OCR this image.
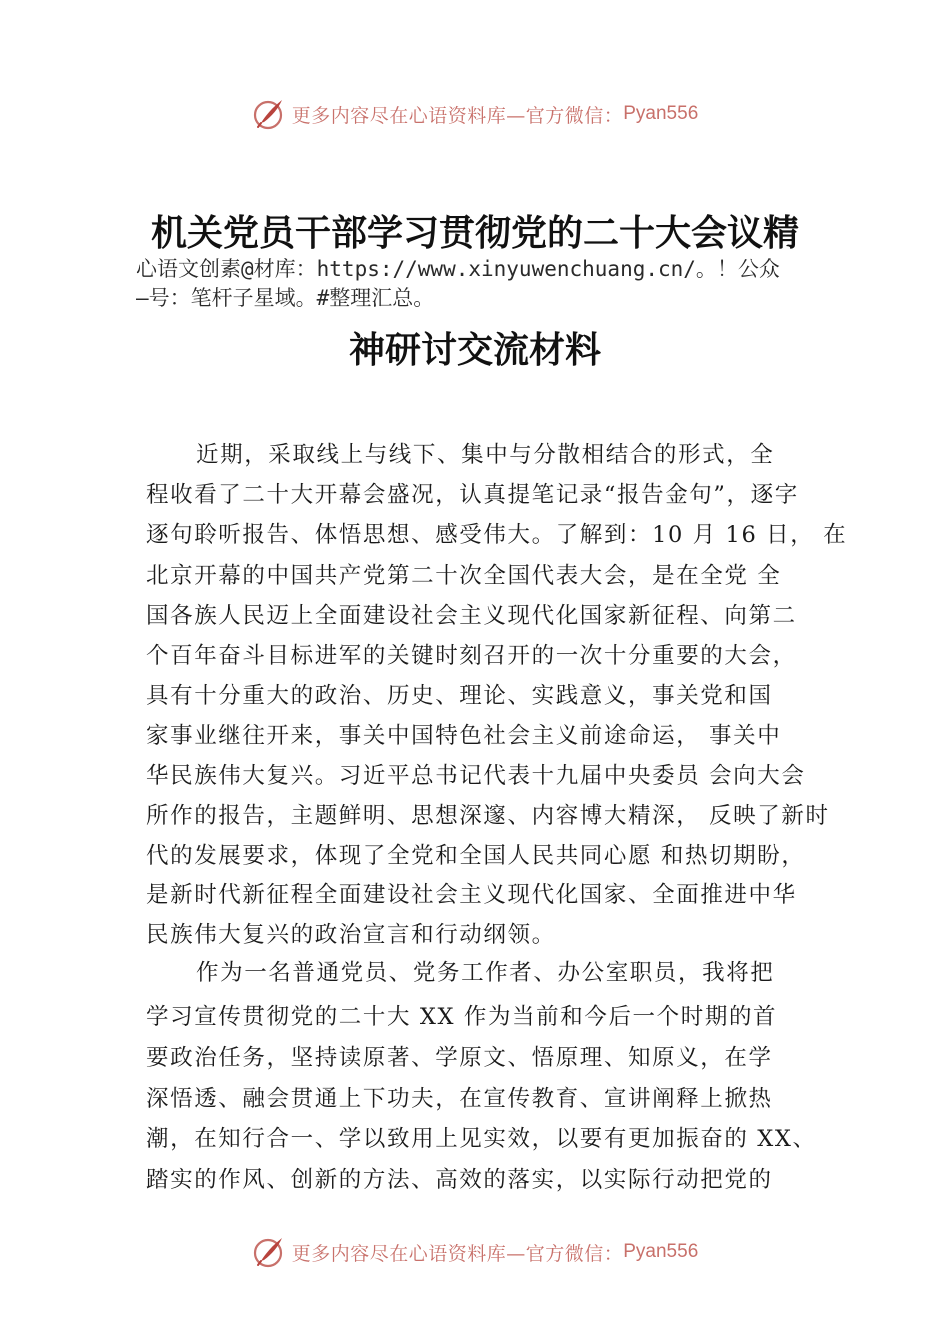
更多内容尽在心语资料库—官方微信： Pyan556
机关党员干部学习贯彻党的二十大会议精
心语文创素@材库：https://www.xinyuwenchuang.cn/。！公众
—号：笔杆子星域。#整理汇总。
神研讨交流材料
近期，采取线上与线下、集中与分散相结合的形式，全
程收看了二十大开幕会盛况，认真提笔记录“报告金句”，逐字
逐句聆听报告、体悟思想、感受伟大。了解到：10 月 16 日， 在
北京开幕的中国共产党第二十次全国代表大会，是在全党 全
国各族人民迈上全面建设社会主义现代化国家新征程、向第二
个百年奋斗目标进军的关键时刻召开的一次十分重要的大会，
具有十分重大的政治、历史、理论、实践意义，事关党和国
家事业继往开来，事关中国特色社会主义前途命运， 事关中
华民族伟大复兴。习近平总书记代表十九届中央委员 会向大会
所作的报告，主题鲜明、思想深邃、内容博大精深， 反映了新时
代的发展要求，体现了全党和全国人民共同心愿 和热切期盼，
是新时代新征程全面建设社会主义现代化国家、全面推进中华
民族伟大复兴的政治宣言和行动纲领。
作为一名普通党员、党务工作者、办公室职员，我将把
学习宣传贯彻党的二十大 XX 作为当前和今后一个时期的首
要政治任务，坚持读原著、学原文、悟原理、知原义，在学
深悟透、融会贯通上下功夫，在宣传教育、宣讲阐释上掀热
潮，在知行合一、学以致用上见实效，以要有更加振奋的 XX、
踏实的作风、创新的方法、高效的落实，以实际行动把党的
更多内容尽在心语资料库—官方微信： Pyan556
